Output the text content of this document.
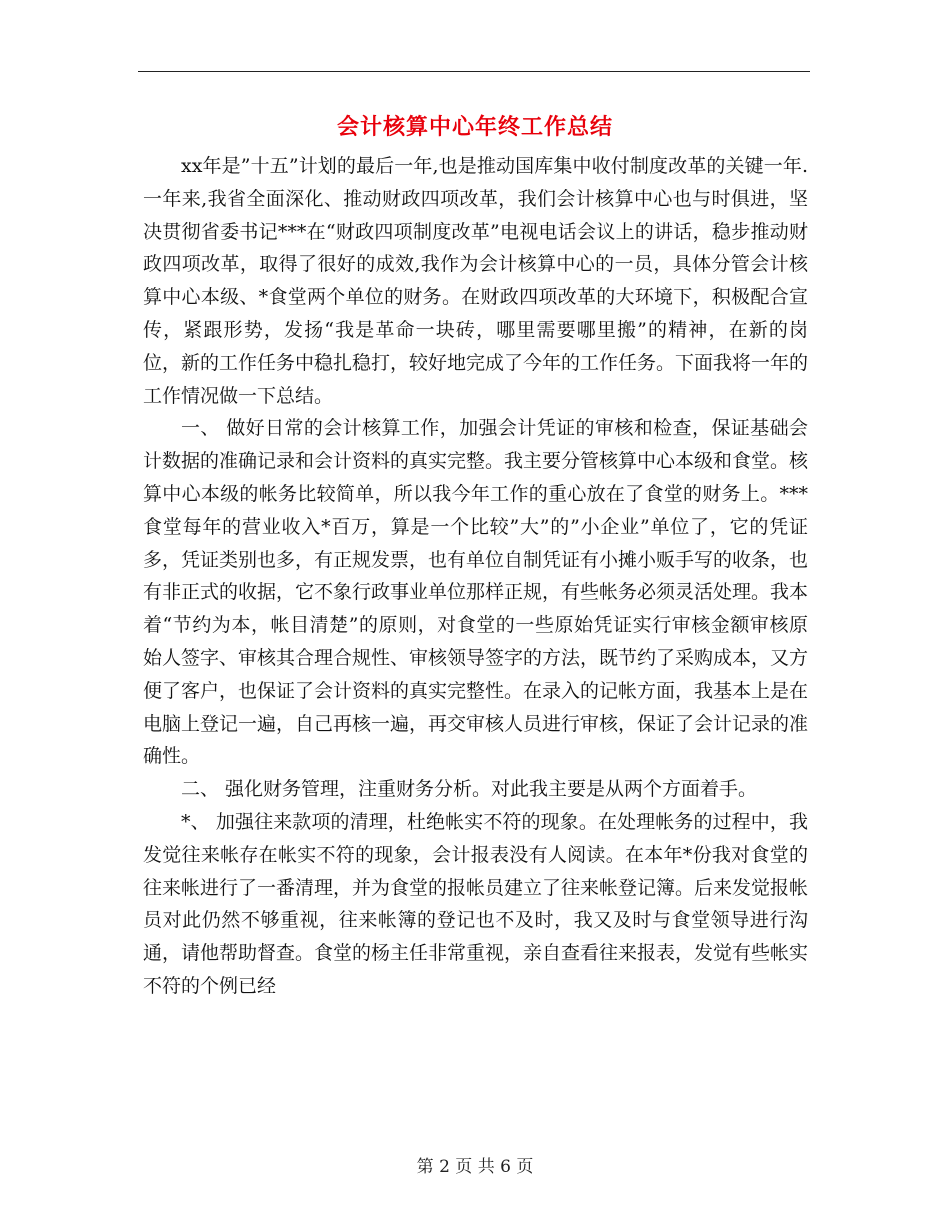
会计核算中心年终工作总结

xx年是”十五”计划的最后一年,也是推动国库集中收付制度改革的关键一年.一年来,我省全面深化、推动财政四项改革，我们会计核算中心也与时俱进，坚决贯彻省委书记***在“财政四项制度改革”电视电话会议上的讲话，稳步推动财政四项改革，取得了很好的成效,我作为会计核算中心的一员，具体分管会计核算中心本级、*食堂两个单位的财务。在财政四项改革的大环境下，积极配合宣传，紧跟形势，发扬“我是革命一块砖，哪里需要哪里搬”的精神，在新的岗位，新的工作任务中稳扎稳打，较好地完成了今年的工作任务。下面我将一年的工作情况做一下总结。

一、 做好日常的会计核算工作，加强会计凭证的审核和检查，保证基础会计数据的准确记录和会计资料的真实完整。我主要分管核算中心本级和食堂。核算中心本级的帐务比较简单，所以我今年工作的重心放在了食堂的财务上。***食堂每年的营业收入*百万，算是一个比较”大”的”小企业”单位了，它的凭证多，凭证类别也多，有正规发票，也有单位自制凭证有小摊小贩手写的收条，也有非正式的收据，它不象行政事业单位那样正规，有些帐务必须灵活处理。我本着“节约为本，帐目清楚”的原则，对食堂的一些原始凭证实行审核金额审核原始人签字、审核其合理合规性、审核领导签字的方法，既节约了采购成本，又方便了客户，也保证了会计资料的真实完整性。在录入的记帐方面，我基本上是在电脑上登记一遍，自己再核一遍，再交审核人员进行审核，保证了会计记录的准确性。

二、 强化财务管理，注重财务分析。对此我主要是从两个方面着手。

*、 加强往来款项的清理，杜绝帐实不符的现象。在处理帐务的过程中，我发觉往来帐存在帐实不符的现象，会计报表没有人阅读。在本年*份我对食堂的往来帐进行了一番清理，并为食堂的报帐员建立了往来帐登记簿。后来发觉报帐员对此仍然不够重视，往来帐簿的登记也不及时，我又及时与食堂领导进行沟通，请他帮助督查。食堂的杨主任非常重视，亲自查看往来报表，发觉有些帐实不符的个例已经

第 2 页 共 6 页
